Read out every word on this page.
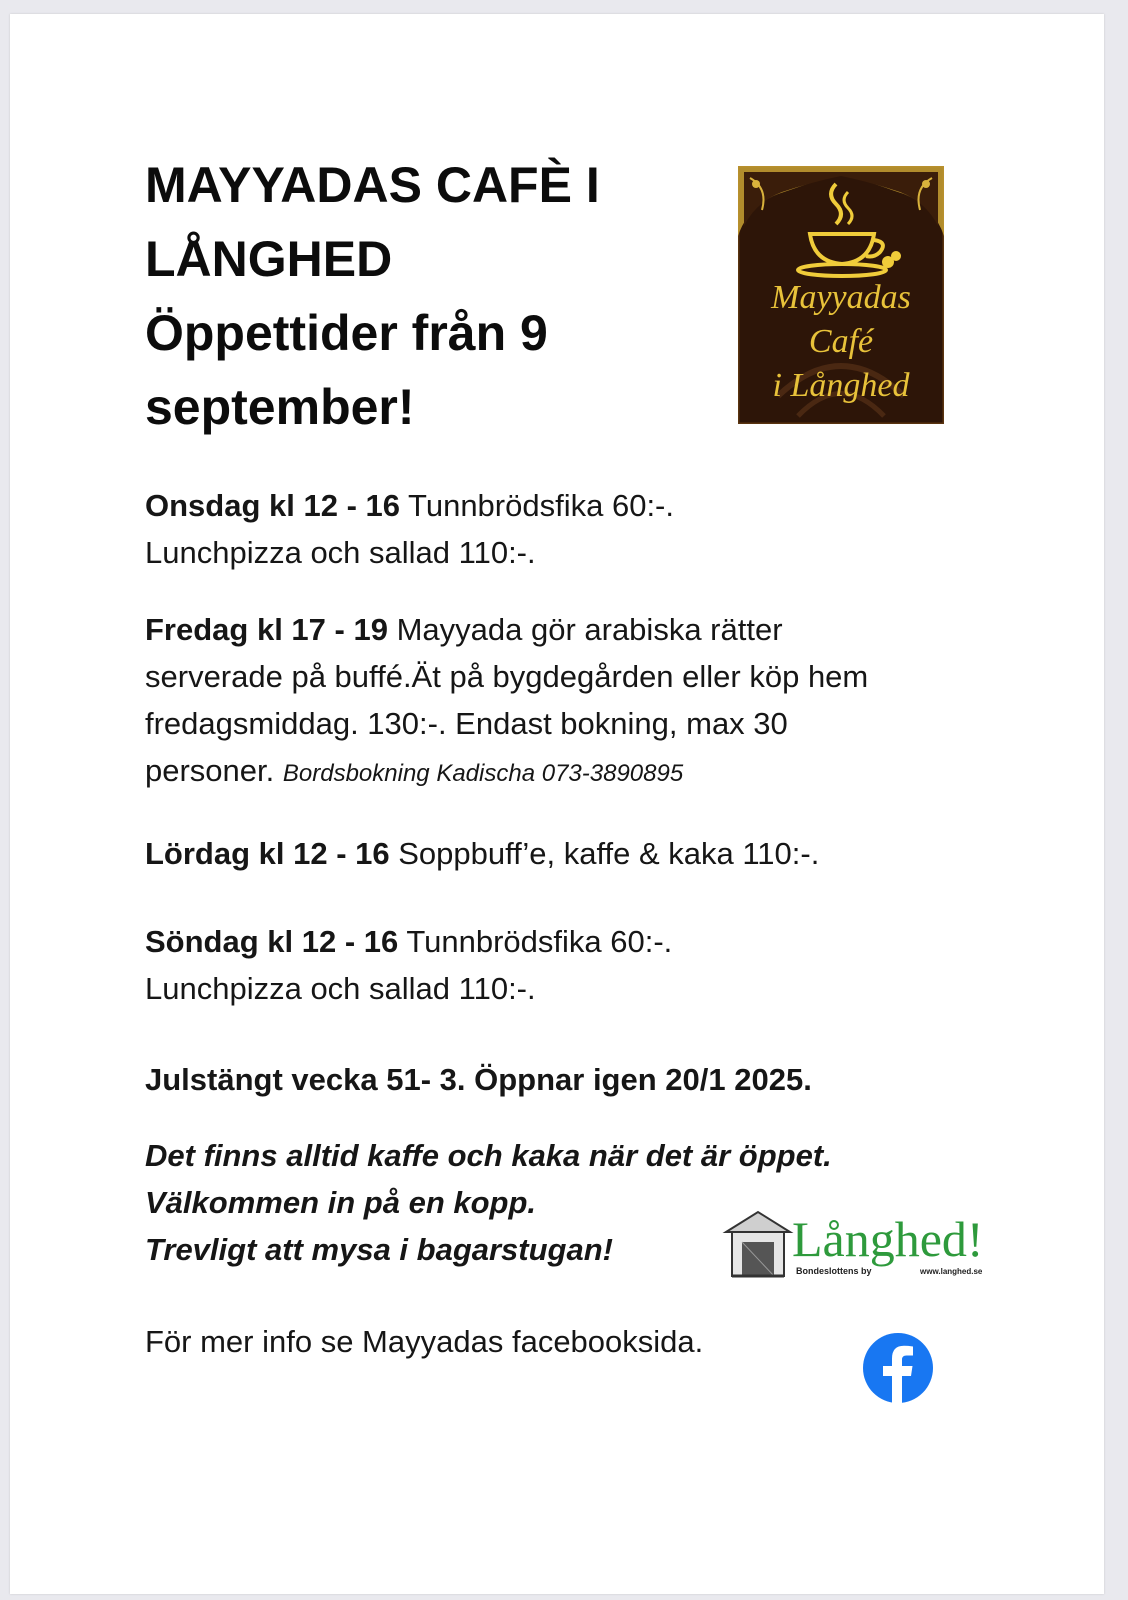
MAYYADAS CAFÈ I
LÅNGHED
Öppettider från 9
september!
Mayyadas
Café
i Långhed
Onsdag kl 12 - 16 Tunnbrödsfika 60:-.
Lunchpizza och sallad 110:-.
Fredag kl 17 - 19 Mayyada gör arabiska rätter
serverade på buffé.Ät på bygdegården eller köp hem
fredagsmiddag. 130:-. Endast bokning, max 30
personer. Bordsbokning Kadischa 073-3890895
Lördag kl 12 - 16 Soppbuff’e, kaffe & kaka 110:-.
Söndag kl 12 - 16 Tunnbrödsfika 60:-.
Lunchpizza och sallad 110:-.
Julstängt vecka 51- 3. Öppnar igen 20/1 2025.
Det finns alltid kaffe och kaka när det är öppet.
Välkommen in på en kopp.
Trevligt att mysa i bagarstugan!	Långhed!
Bondeslottens by	www.langhed.se
För mer info se Mayyadas facebooksida.
